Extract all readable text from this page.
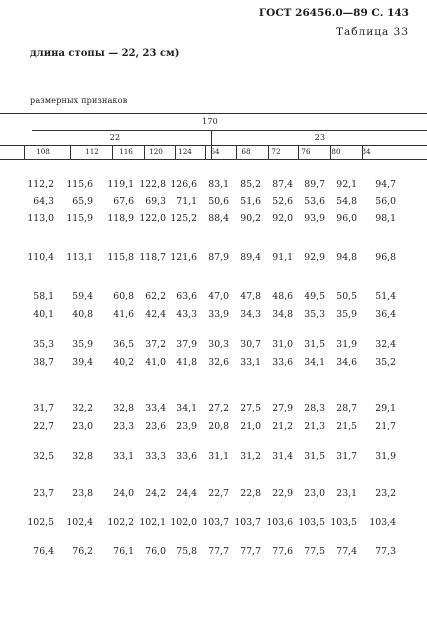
ГОСТ 26456.0—89 С. 143
Таблица 33
длина стопы — 22, 23 см)
размерных признаков
170
22	23
108	112	116	120	124	64	68	72	76	80	84
112,2 115,6 119,1 122,8 126,6 83,1 85,2 87,4 89,7 92,1 94,7
64,3 65,9 67,6 69,3 71,1 50,6 51,6 52,6 53,6 54,8 56,0
113,0 115,9 118,9 122,0 125,2 88,4 90,2 92,0 93,9 96,0 98,1
110,4 113,1 115,8 118,7 121,6 87,9 89,4 91,1 92,9 94,8 96,8
58,1 59,4 60,8 62,2 63,6 47,0 47,8 48,6 49,5 50,5 51,4
40,1 40,8 41,6 42,4 43,3 33,9 34,3 34,8 35,3 35,9 36,4
35,3 35,9 36,5 37,2 37,9 30,3 30,7 31,0 31,5 31,9 32,4
38,7 39,4 40,2 41,0 41,8 32,6 33,1 33,6 34,1 34,6 35,2
31,7 32,2 32,8 33,4 34,1 27,2 27,5 27,9 28,3 28,7 29,1
22,7 23,0 23,3 23,6 23,9 20,8 21,0 21,2 21,3 21,5 21,7
32,5 32,8 33,1 33,3 33,6 31,1 31,2 31,4 31,5 31,7 31,9
23,7 23,8 24,0 24,2 24,4 22,7 22,8 22,9 23,0 23,1 23,2
102,5 102,4 102,2 102,1 102,0 103,7 103,7 103,6 103,5 103,5 103,4
76,4 76,2 76,1 76,0 75,8 77,7 77,7 77,6 77,5 77,4 77,3
